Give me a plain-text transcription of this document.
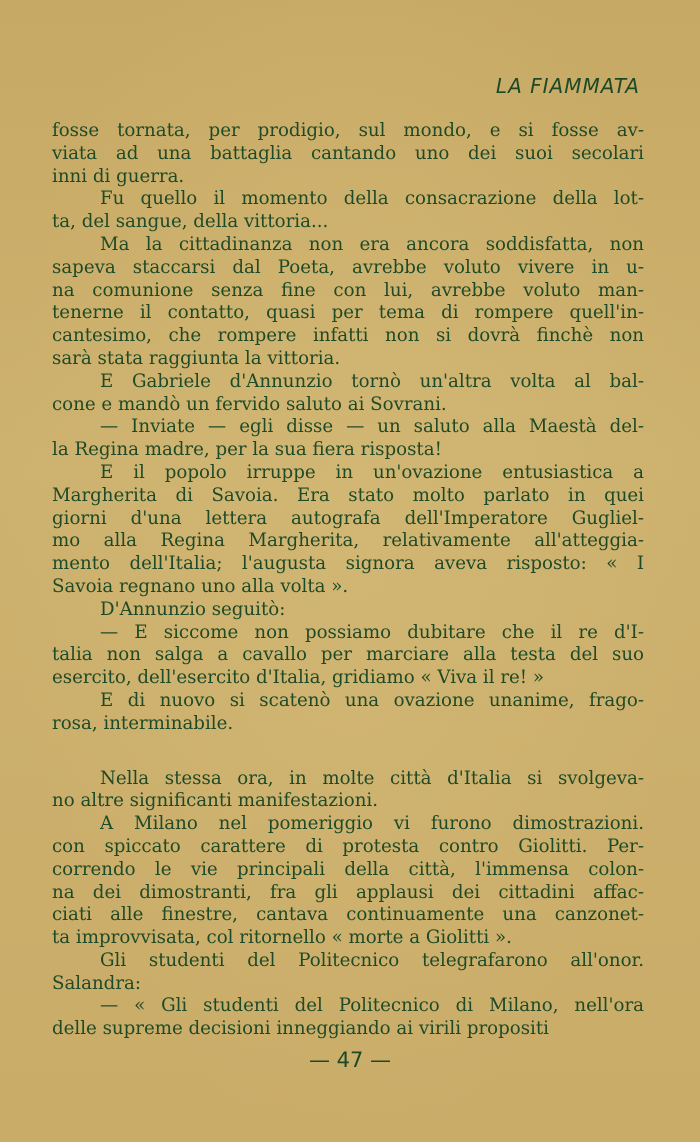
LA FIAMMATA
fosse tornata, per prodigio, sul mondo, e si fosse av-
viata ad una battaglia cantando uno dei suoi secolari
inni di guerra.
Fu quello il momento della consacrazione della lot-
ta, del sangue, della vittoria...
Ma la cittadinanza non era ancora soddisfatta, non
sapeva staccarsi dal Poeta, avrebbe voluto vivere in u-
na comunione senza fine con lui, avrebbe voluto man-
tenerne il contatto, quasi per tema di rompere quell'in-
cantesimo, che rompere infatti non si dovrà finchè non
sarà stata raggiunta la vittoria.
E Gabriele d'Annunzio tornò un'altra volta al bal-
cone e mandò un fervido saluto ai Sovrani.
— Inviate — egli disse — un saluto alla Maestà del-
la Regina madre, per la sua fiera risposta!
E il popolo irruppe in un'ovazione entusiastica a
Margherita di Savoia. Era stato molto parlato in quei
giorni d'una lettera autografa dell'Imperatore Gugliel-
mo alla Regina Margherita, relativamente all'atteggia-
mento dell'Italia; l'augusta signora aveva risposto: « I
Savoia regnano uno alla volta ».
D'Annunzio seguitò:
— E siccome non possiamo dubitare che il re d'I-
talia non salga a cavallo per marciare alla testa del suo
esercito, dell'esercito d'Italia, gridiamo « Viva il re! »
E di nuovo si scatenò una ovazione unanime, frago-
rosa, interminabile.
Nella stessa ora, in molte città d'Italia si svolgeva-
no altre significanti manifestazioni.
A Milano nel pomeriggio vi furono dimostrazioni.
con spiccato carattere di protesta contro Giolitti. Per-
correndo le vie principali della città, l'immensa colon-
na dei dimostranti, fra gli applausi dei cittadini affac-
ciati alle finestre, cantava continuamente una canzonet-
ta improvvisata, col ritornello « morte a Giolitti ».
Gli studenti del Politecnico telegrafarono all'onor.
Salandra:
— « Gli studenti del Politecnico di Milano, nell'ora
delle supreme decisioni inneggiando ai virili propositi
— 47 —
